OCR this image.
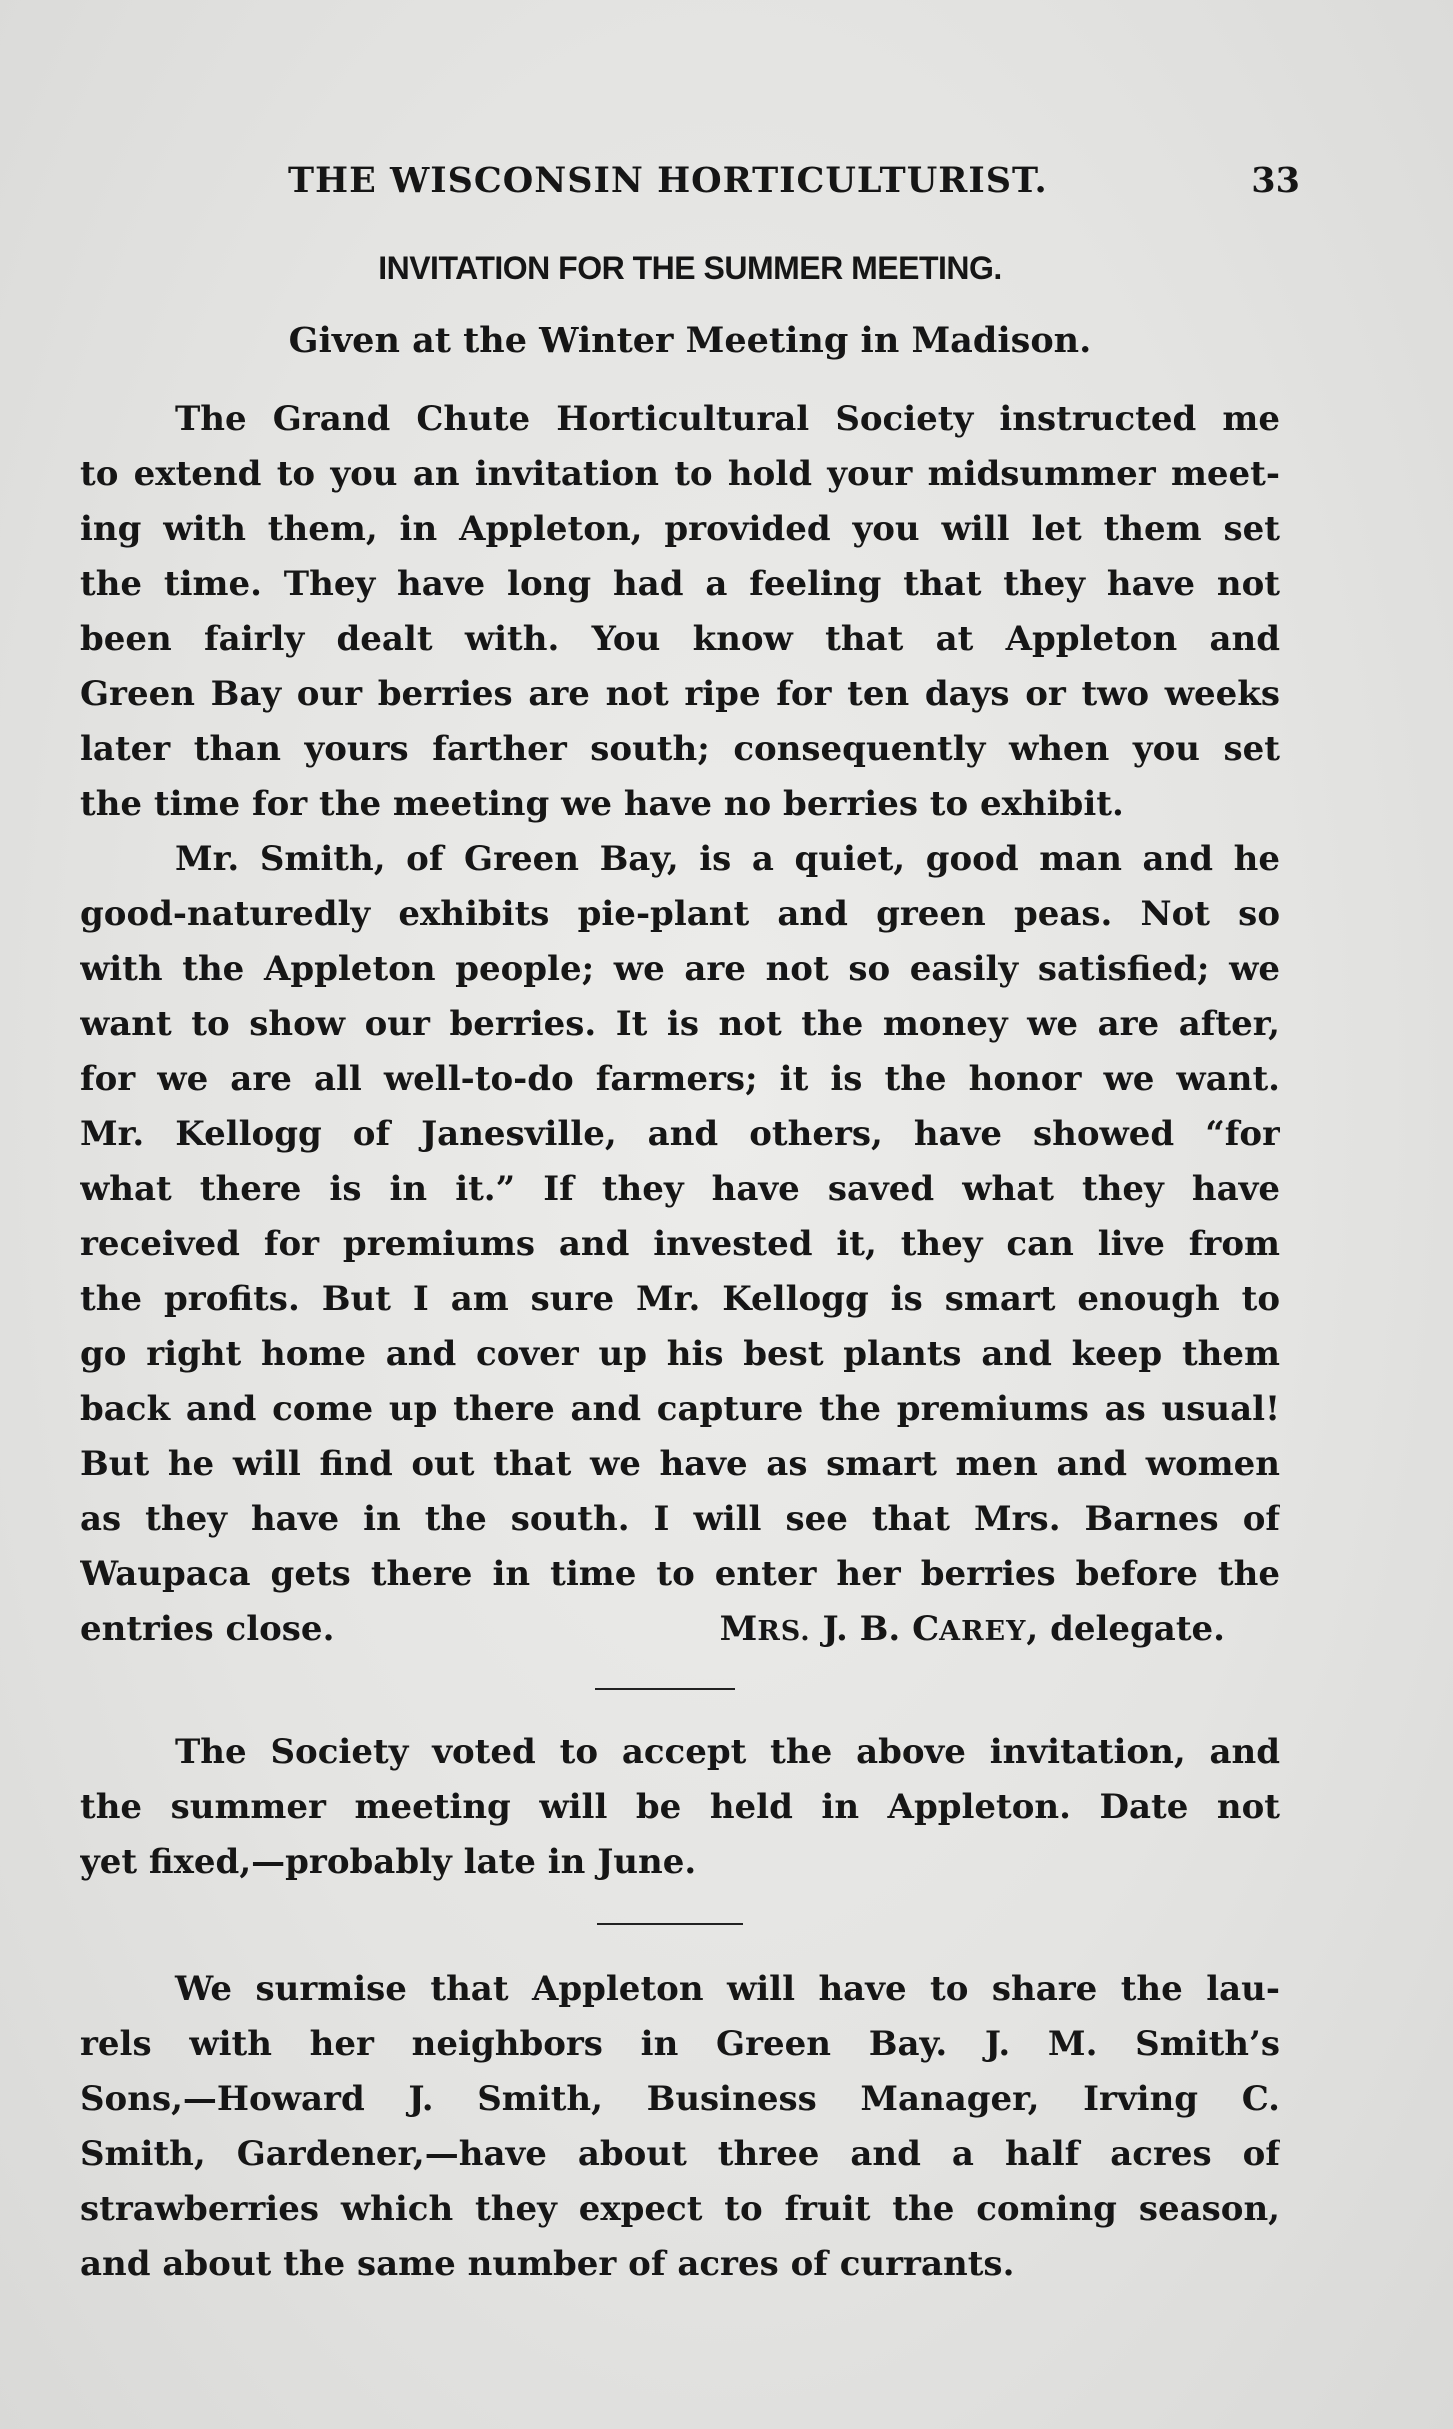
THE WISCONSIN HORTICULTURIST.	33
INVITATION FOR THE SUMMER MEETING.
Given at the Winter Meeting in Madison.
The Grand Chute Horticultural Society instructed me
to extend to you an invitation to hold your midsummer meet-
ing with them, in Appleton, provided you will let them set
the time. They have long had a feeling that they have not
been fairly dealt with. You know that at Appleton and
Green Bay our berries are not ripe for ten days or two weeks
later than yours farther south; consequently when you set
the time for the meeting we have no berries to exhibit.
Mr. Smith, of Green Bay, is a quiet, good man and he
good-naturedly exhibits pie-plant and green peas. Not so
with the Appleton people; we are not so easily satisfied; we
want to show our berries. It is not the money we are after,
for we are all well-to-do farmers; it is the honor we want.
Mr. Kellogg of Janesville, and others, have showed “for
what there is in it.” If they have saved what they have
received for premiums and invested it, they can live from
the profits. But I am sure Mr. Kellogg is smart enough to
go right home and cover up his best plants and keep them
back and come up there and capture the premiums as usual!
But he will find out that we have as smart men and women
as they have in the south. I will see that Mrs. Barnes of
Waupaca gets there in time to enter her berries before the
entries close.	MRS. J. B. CAREY, delegate.
The Society voted to accept the above invitation, and
the summer meeting will be held in Appleton. Date not
yet fixed,—probably late in June.
We surmise that Appleton will have to share the lau-
rels with her neighbors in Green Bay. J. M. Smith’s
Sons,—Howard J. Smith, Business Manager, Irving C.
Smith, Gardener,—have about three and a half acres of
strawberries which they expect to fruit the coming season,
and about the same number of acres of currants.
